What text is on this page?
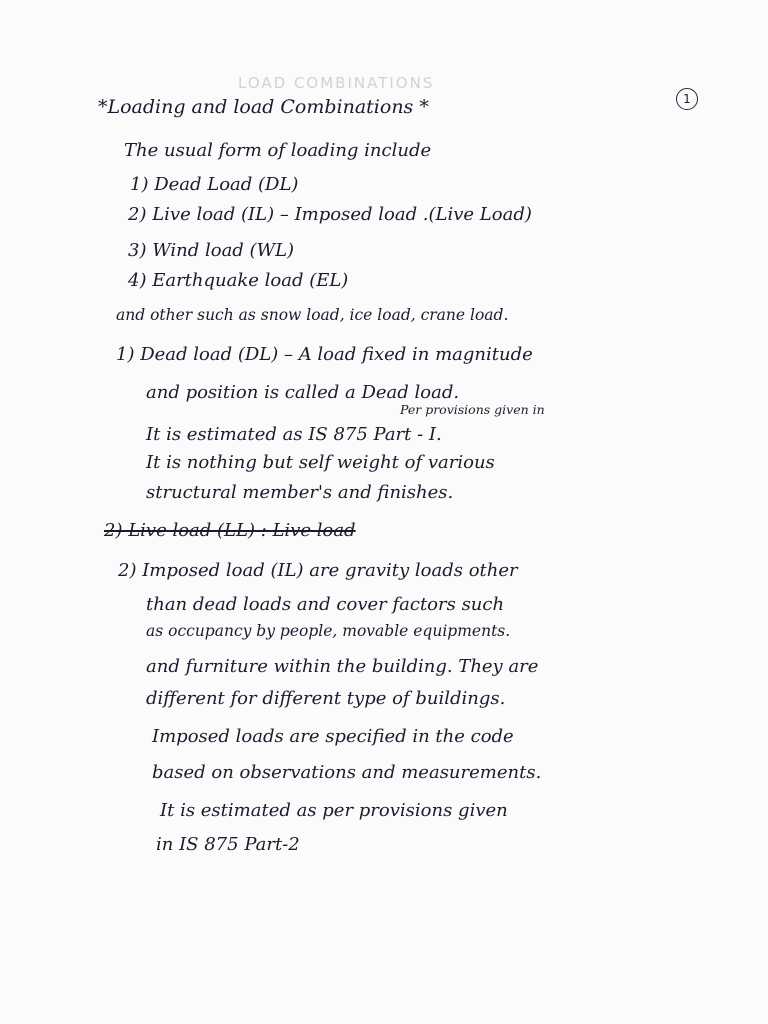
LOAD COMBINATIONS
1
*Loading and load Combinations *
The usual form of loading include
1) Dead Load (DL)
2) Live load (IL) – Imposed load .(Live Load)
3) Wind load (WL)
4) Earthquake load (EL)
and other such as snow load, ice load, crane load.
1) Dead load (DL) – A load fixed in magnitude
and position is called a Dead load.
Per provisions given in
It is estimated as IS 875 Part - I.
It is nothing but self weight of various
structural member's and finishes.
2) Live load (LL) : Live load
2) Imposed load (IL) are gravity loads other
than dead loads and cover factors such
as occupancy by people, movable equipments.
and furniture within the building. They are
different for different type of buildings.
Imposed loads are specified in the code
based on observations and measurements.
It is estimated as per provisions given
in IS 875 Part-2
